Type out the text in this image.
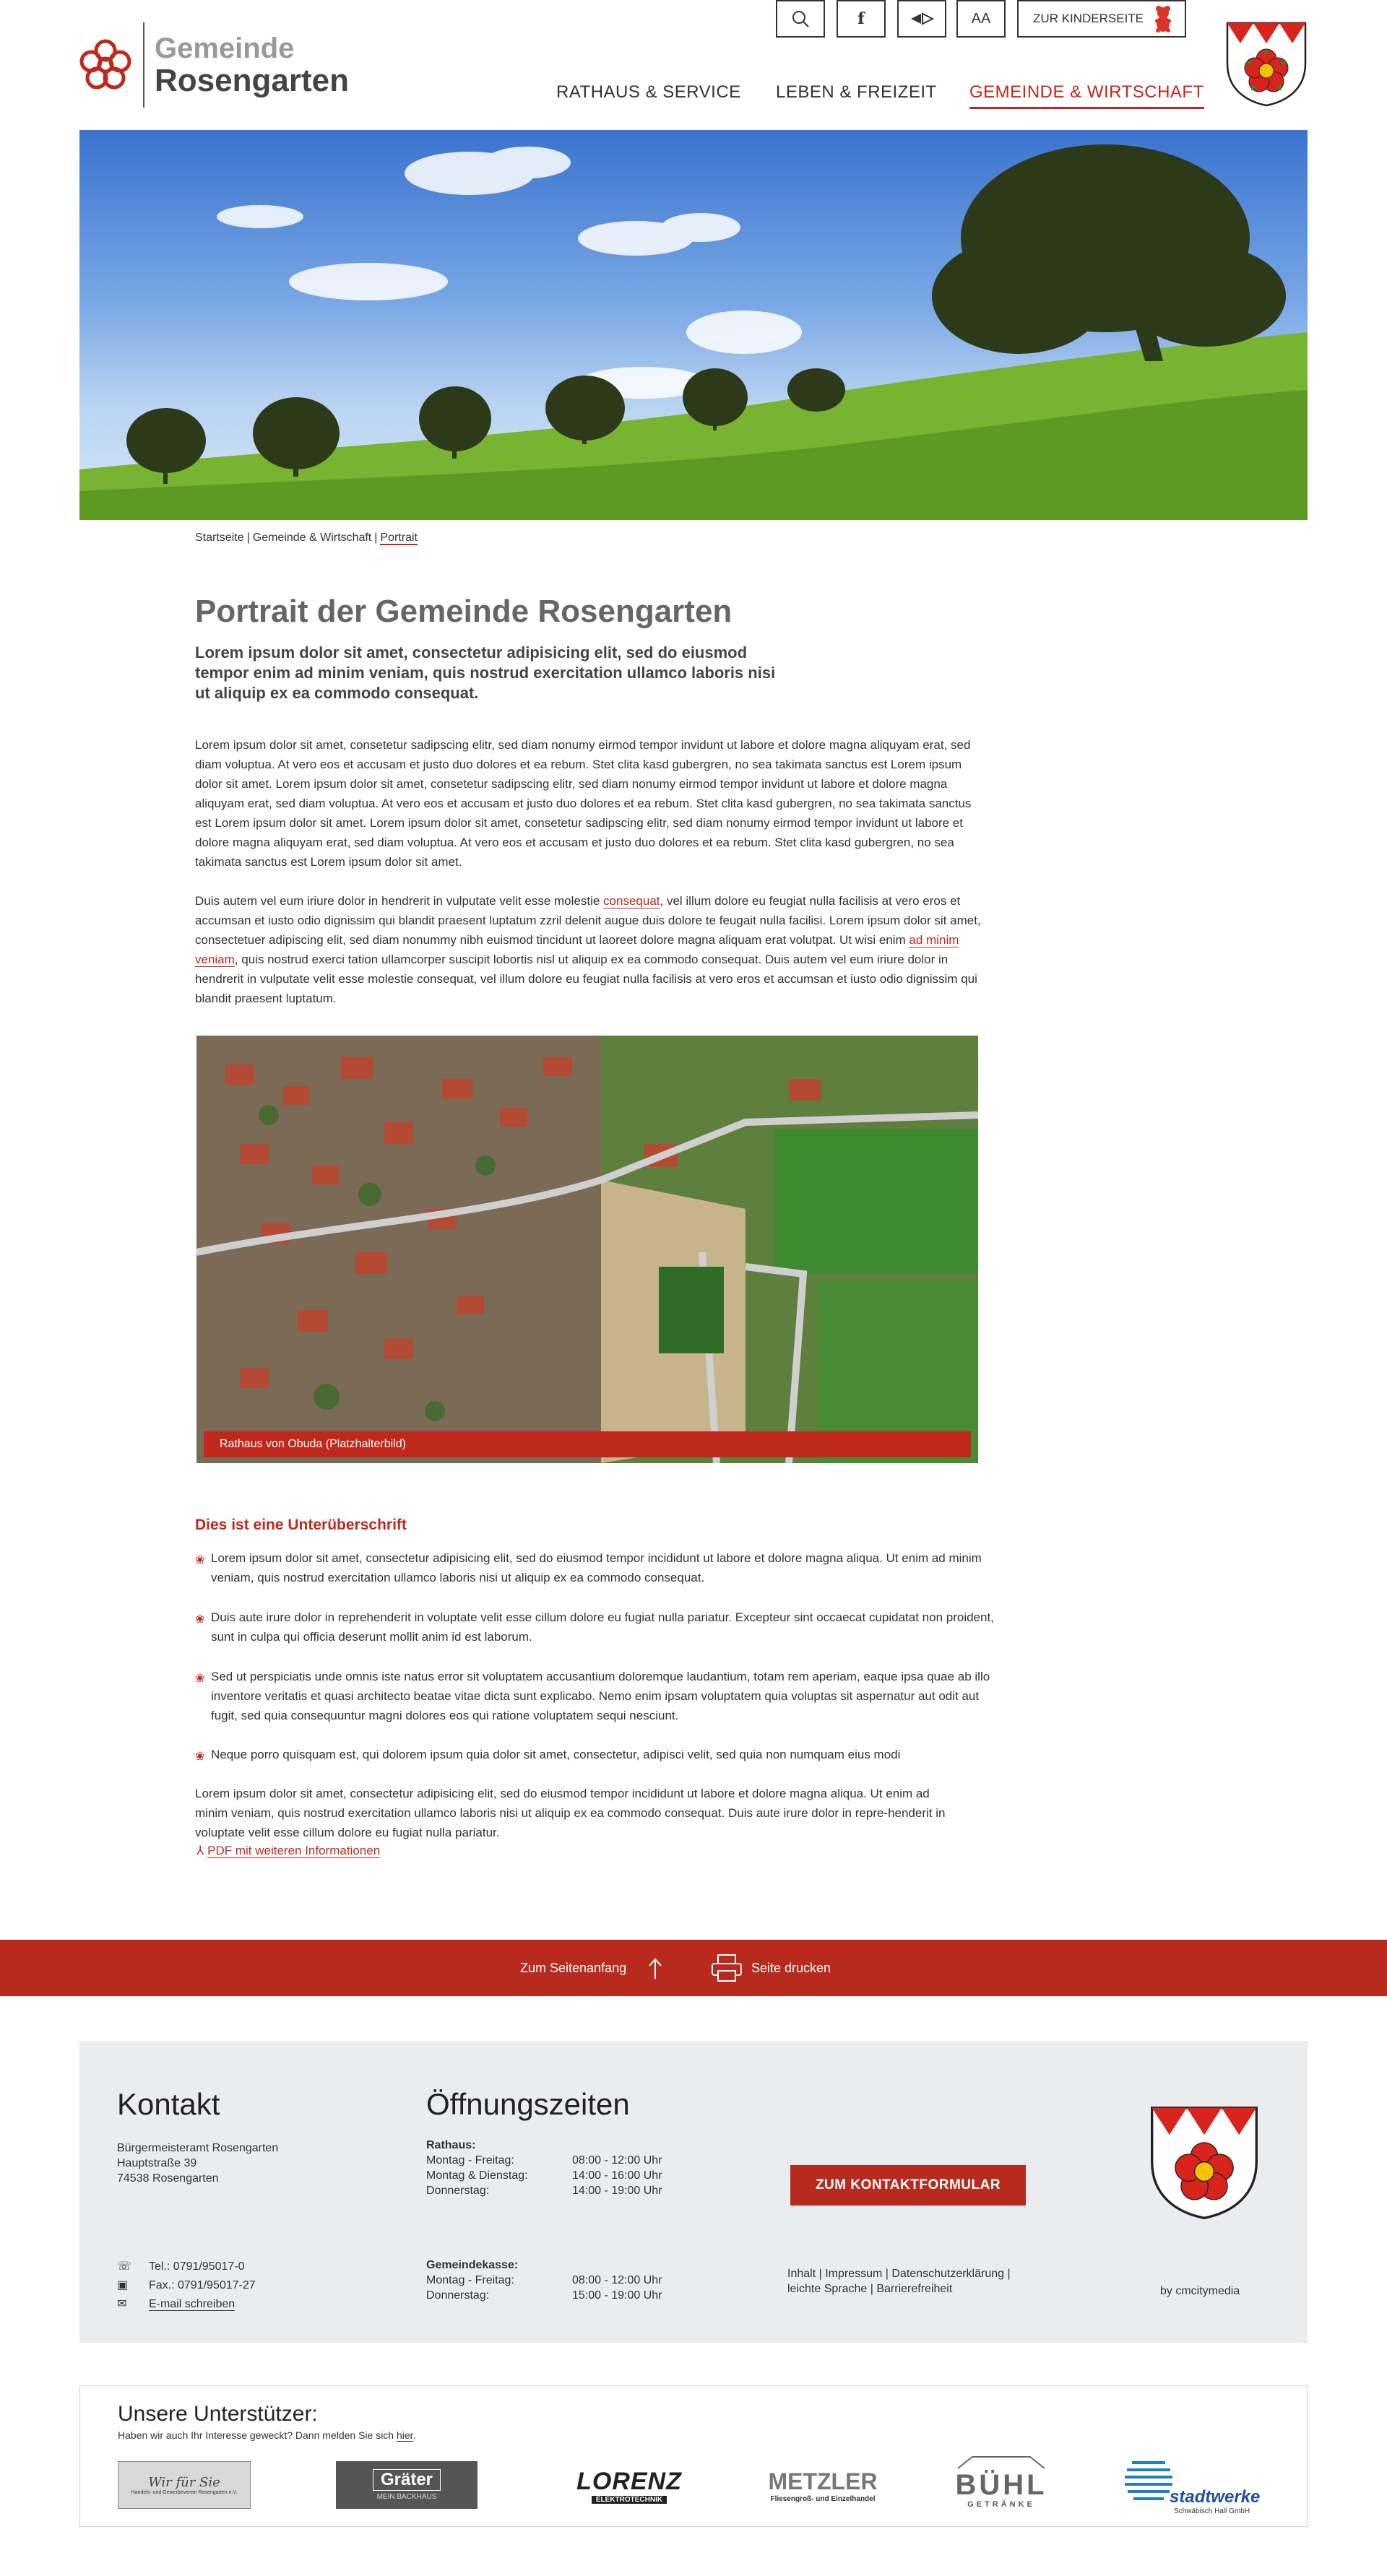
Gemeinde
Rosengarten
f	AA	ZUR KINDERSEITE
RATHAUS & SERVICE LEBEN & FREIZEIT GEMEINDE & WIRTSCHAFT
Startseite | Gemeinde & Wirtschaft | Portrait
Portrait der Gemeinde Rosengarten

Lorem ipsum dolor sit amet, consectetur adipisicing elit, sed do eiusmod tempor enim ad minim veniam, quis nostrud exercitation ullamco laboris nisi ut aliquip ex ea commodo consequat.

Lorem ipsum dolor sit amet, consetetur sadipscing elitr, sed diam nonumy eirmod tempor invidunt ut labore et dolore magna aliquyam erat, sed diam voluptua. At vero eos et accusam et justo duo dolores et ea rebum. Stet clita kasd gubergren, no sea takimata sanctus est Lorem ipsum dolor sit amet. Lorem ipsum dolor sit amet, consetetur sadipscing elitr, sed diam nonumy eirmod tempor invidunt ut labore et dolore magna aliquyam erat, sed diam voluptua. At vero eos et accusam et justo duo dolores et ea rebum. Stet clita kasd gubergren, no sea takimata sanctus est Lorem ipsum dolor sit amet. Lorem ipsum dolor sit amet, consetetur sadipscing elitr, sed diam nonumy eirmod tempor invidunt ut labore et dolore magna aliquyam erat, sed diam voluptua. At vero eos et accusam et justo duo dolores et ea rebum. Stet clita kasd gubergren, no sea takimata sanctus est Lorem ipsum dolor sit amet.

Duis autem vel eum iriure dolor in hendrerit in vulputate velit esse molestie consequat, vel illum dolore eu feugiat nulla facilisis at vero eros et accumsan et iusto odio dignissim qui blandit praesent luptatum zzril delenit augue duis dolore te feugait nulla facilisi. Lorem ipsum dolor sit amet, consectetuer adipiscing elit, sed diam nonummy nibh euismod tincidunt ut laoreet dolore magna aliquam erat volutpat. Ut wisi enim ad minim veniam, quis nostrud exerci tation ullamcorper suscipit lobortis nisl ut aliquip ex ea commodo consequat. Duis autem vel eum iriure dolor in hendrerit in vulputate velit esse molestie consequat, vel illum dolore eu feugiat nulla facilisis at vero eros et accumsan et iusto odio dignissim qui blandit praesent luptatum.

Rathaus von Obuda (Platzhalterbild)
Dies ist eine Unterüberschrift
❀ Lorem ipsum dolor sit amet, consectetur adipisicing elit, sed do eiusmod tempor incididunt ut labore et dolore magna aliqua. Ut enim ad minim veniam, quis nostrud exercitation ullamco laboris nisi ut aliquip ex ea commodo consequat.
❀ Duis aute irure dolor in reprehenderit in voluptate velit esse cillum dolore eu fugiat nulla pariatur. Excepteur sint occaecat cupidatat non proident, sunt in culpa qui officia deserunt mollit anim id est laborum.
❀ Sed ut perspiciatis unde omnis iste natus error sit voluptatem accusantium doloremque laudantium, totam rem aperiam, eaque ipsa quae ab illo inventore veritatis et quasi architecto beatae vitae dicta sunt explicabo. Nemo enim ipsam voluptatem quia voluptas sit aspernatur aut odit aut fugit, sed quia consequuntur magni dolores eos qui ratione voluptatem sequi nesciunt.
❀ Neque porro quisquam est, qui dolorem ipsum quia dolor sit amet, consectetur, adipisci velit, sed quia non numquam eius modi

Lorem ipsum dolor sit amet, consectetur adipisicing elit, sed do eiusmod tempor incididunt ut labore et dolore magna aliqua. Ut enim ad minim veniam, quis nostrud exercitation ullamco laboris nisi ut aliquip ex ea commodo consequat. Duis aute irure dolor in repre-henderit in voluptate velit esse cillum dolore eu fugiat nulla pariatur.

⅄ PDF mit weiteren Informationen
Zum Seitenanfang	Seite drucken
Kontakt
Bürgermeisteramt Rosengarten
Hauptstraße 39
74538 Rosengarten
☏ Tel.: 0791/95017-0
▣ Fax.: 0791/95017-27
✉ E-mail schreiben
Öffnungszeiten
Rathaus:
Montag - Freitag:	08:00 - 12:00 Uhr
Montag & Dienstag:	14:00 - 16:00 Uhr
Donnerstag:	14:00 - 19:00 Uhr
Gemeindekasse:
Montag - Freitag:	08:00 - 12:00 Uhr
Donnerstag:	15:00 - 19:00 Uhr
ZUM KONTAKTFORMULAR
Inhalt | Impressum | Datenschutzerklärung |
leichte Sprache | Barrierefreiheit	by cmcitymedia
Unsere Unterstützer:
Haben wir auch Ihr Interesse geweckt? Dann melden Sie sich hier.
Wir für Sie
Handels- und Gewerbeverein Rosengarten e.V.
Gräter
MEIN BACKHAUS
LORENZ
ELEKTROTECHNIK
METZLER
Fliesengroß- und Einzelhandel	BÜHL
GETRÄNKE	stadtwerke
Schwäbisch Hall GmbH
